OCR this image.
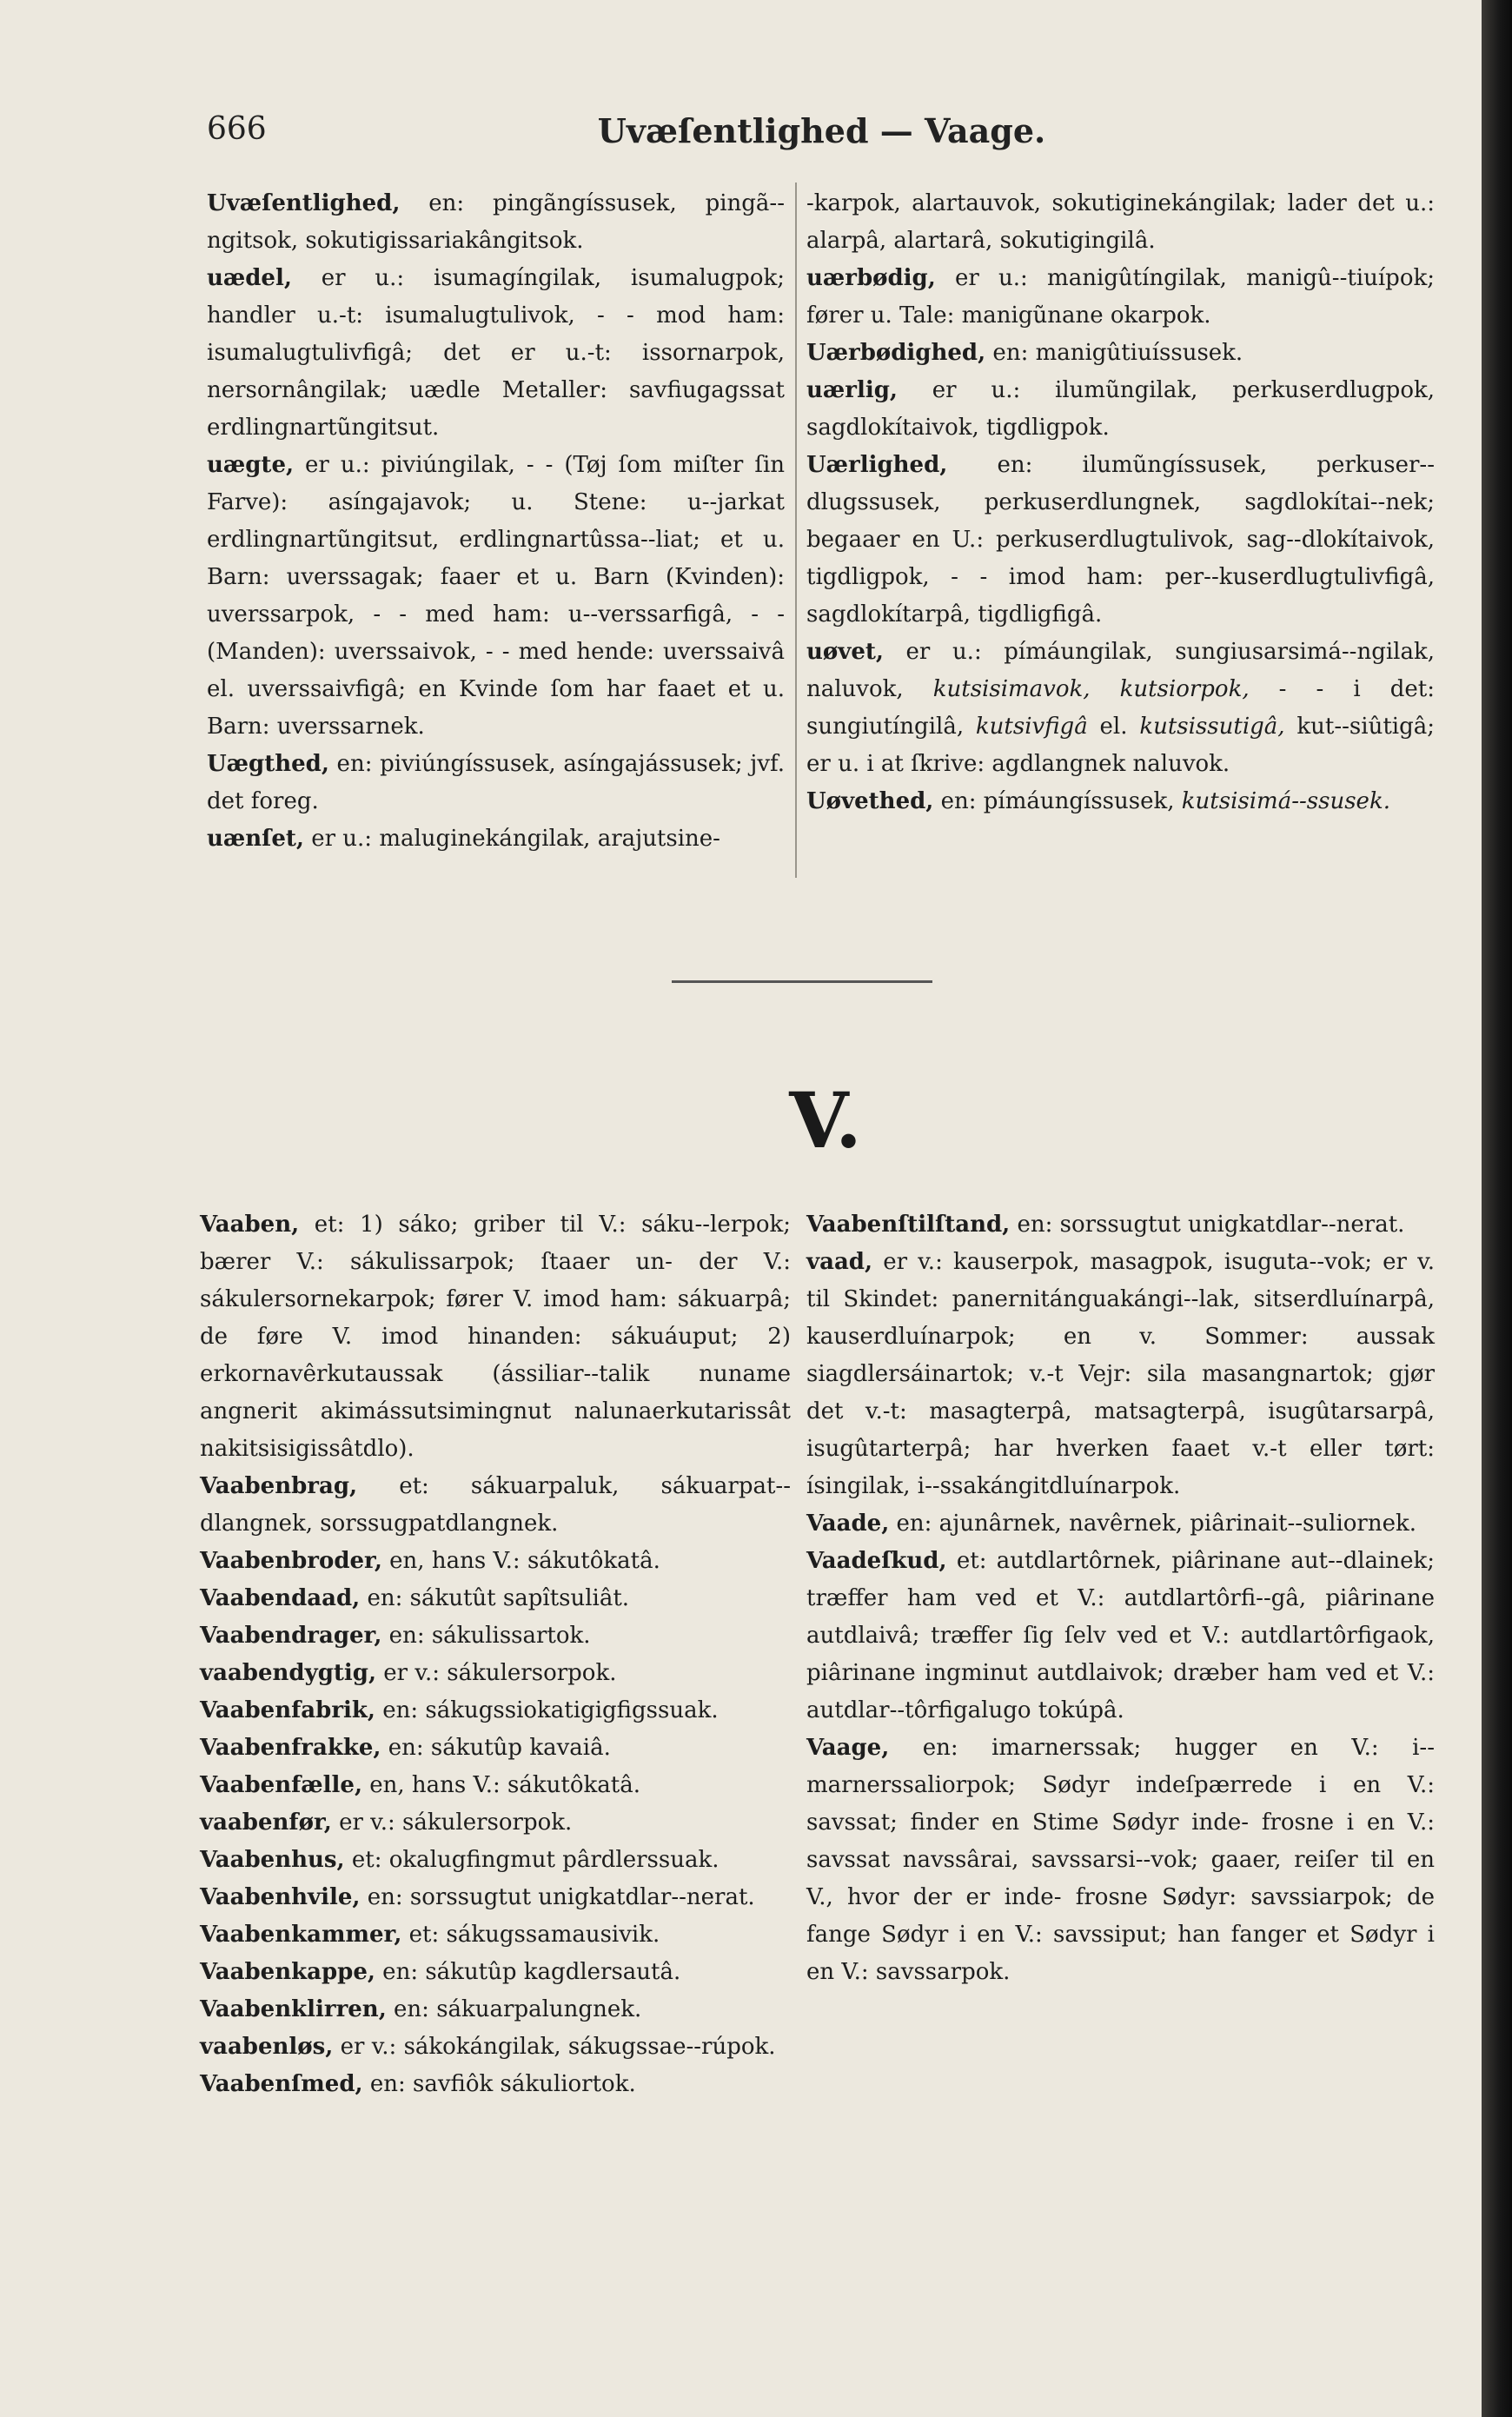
666	Uvæſentlighed — Vaage.

Uvæſentlighed, en: pingãngíssusek, pingã--ngitsok, sokutigissariakângitsok.

uædel, er u.: isumagíngilak, isumalugpok; handler u.-t: isumalugtulivok, - - mod ham: isumalugtulivfigâ; det er u.-t: issornarpok, nersornângilak; uædle Metaller: savfiugagssat erdlingnartũngitsut.

uægte, er u.: piviúngilak, - - (Tøj ſom miſter ſin Farve): asíngajavok; u. Stene: u--jarkat erdlingnartũngitsut, erdlingnartûssa--liat; et u. Barn: uverssagak; faaer et u. Barn (Kvinden): uverssarpok, - - med ham: u--verssarfigâ, - - (Manden): uverssaivok, - - med hende: uverssaivâ el. uverssaivfigâ; en Kvinde ſom har faaet et u. Barn: uverssarnek.

Uægthed, en: piviúngíssusek, asíngajássusek; jvf. det foreg.

uænſet, er u.: maluginekángilak, arajutsine-

-karpok, alartauvok, sokutiginekángilak; lader det u.: alarpâ, alartarâ, sokutigingilâ.

uærbødig, er u.: manigûtíngilak, manigû--tiuípok; fører u. Tale: manigũnane okarpok.

Uærbødighed, en: manigûtiuíssusek.

uærlig, er u.: ilumũngilak, perkuserdlugpok, sagdlokítaivok, tigdligpok.

Uærlighed, en: ilumũngíssusek, perkuser--dlugssusek, perkuserdlungnek, sagdlokítai--nek; begaaer en U.: perkuserdlugtulivok, sag--dlokítaivok, tigdligpok, - - imod ham: per--kuserdlugtulivfigâ, sagdlokítarpâ, tigdligfigâ.

uøvet, er u.: pímáungilak, sungiusarsimá--ngilak, naluvok, kutsisimavok, kutsiorpok, - - i det: sungiutíngilâ, kutsivfigâ el. kutsissutigâ, kut--siûtigâ; er u. i at ſkrive: agdlangnek naluvok.

Uøvethed, en: pímáungíssusek, kutsisimá--ssusek.

V.

Vaaben, et: 1) sáko; griber til V.: sáku--lerpok; bærer V.: sákulissarpok; ſtaaer un- der V.: sákulersornekarpok; fører V. imod ham: sákuarpâ; de føre V. imod hinanden: sákuáuput; 2) erkornavêrkutaussak (ássiliar--talik nuname angnerit akimássutsimingnut nalunaerkutarissât nakitsisigissâtdlo).

Vaabenbrag, et: sákuarpaluk, sákuarpat--dlangnek, sorssugpatdlangnek.

Vaabenbroder, en, hans V.: sákutôkatâ.

Vaabendaad, en: sákutût sapîtsuliât.

Vaabendrager, en: sákulissartok.

vaabendygtig, er v.: sákulersorpok.

Vaabenfabrik, en: sákugssiokatigigfigssuak.

Vaabenfrakke, en: sákutûp kavaiâ.

Vaabenfælle, en, hans V.: sákutôkatâ.

vaabenfør, er v.: sákulersorpok.

Vaabenhus, et: okalugfingmut pârdlerssuak.

Vaabenhvile, en: sorssugtut unigkatdlar--nerat.

Vaabenkammer, et: sákugssamausivik.

Vaabenkappe, en: sákutûp kagdlersautâ.

Vaabenklirren, en: sákuarpalungnek.

vaabenløs, er v.: sákokángilak, sákugssae--rúpok.

Vaabenſmed, en: savfiôk sákuliortok.

Vaabenſtilſtand, en: sorssugtut unigkatdlar--nerat.

vaad, er v.: kauserpok, masagpok, isuguta--vok; er v. til Skindet: panernitánguakángi--lak, sitserdluínarpâ, kauserdluínarpok; en v. Sommer: aussak siagdlersáinartok; v.-t Vejr: sila masangnartok; gjør det v.-t: masagterpâ, matsagterpâ, isugûtarsarpâ, isugûtarterpâ; har hverken faaet v.-t eller tørt: ísingilak, i--ssakángitdluínarpok.

Vaade, en: ajunârnek, navêrnek, piârinait--suliornek.

Vaadeſkud, et: autdlartôrnek, piârinane aut--dlainek; træffer ham ved et V.: autdlartôrfi--gâ, piârinane autdlaivâ; træffer ſig ſelv ved et V.: autdlartôrfigaok, piârinane ingminut autdlaivok; dræber ham ved et V.: autdlar--tôrfigalugo tokúpâ.

Vaage, en: imarnerssak; hugger en V.: i--marnerssaliorpok; Sødyr indeſpærrede i en V.: savssat; finder en Stime Sødyr inde- frosne i en V.: savssat navssârai, savssarsi--vok; gaaer, reiſer til en V., hvor der er inde- frosne Sødyr: savssiarpok; de fange Sødyr i en V.: savssiput; han fanger et Sødyr i en V.: savssarpok.
